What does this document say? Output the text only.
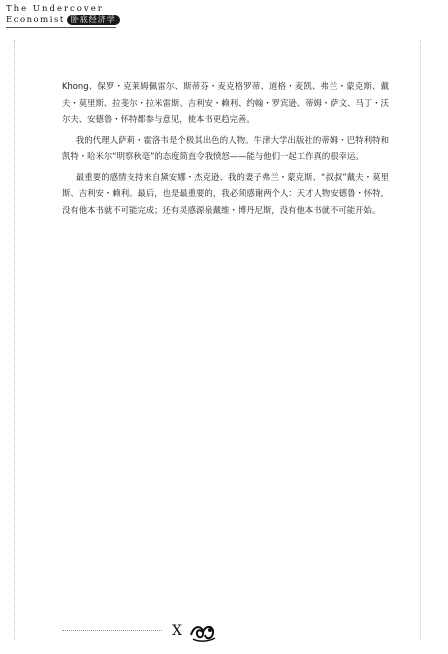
The Undercover
Economist 卧底经济学

Khong、保罗・克莱姆佩雷尔、斯蒂芬・麦克格罗蒂、道格・麦凯、弗兰・蒙克斯、戴夫・莫里斯、拉斐尔・拉米雷斯、吉利安・赖利、约翰・罗宾逊、蒂姆・萨文、马丁・沃尔夫、安德鲁・怀特都参与意见，使本书更趋完善。

我的代理人萨莉・霍洛韦是个极其出色的人物。牛津大学出版社的蒂姆・巴特利特和凯特・哈米尔“明察秋毫”的态度简直令我愤怒——能与他们一起工作真的很幸运。

最重要的感情支持来自黛安娜・杰克逊、我的妻子弗兰・蒙克斯、“叔叔”戴夫・莫里斯、吉利安・赖利。最后，也是最重要的，我必须感谢两个人：天才人物安德鲁・怀特，没有他本书就不可能完成；还有灵感源泉戴维・博丹尼斯，没有他本书就不可能开始。

X
